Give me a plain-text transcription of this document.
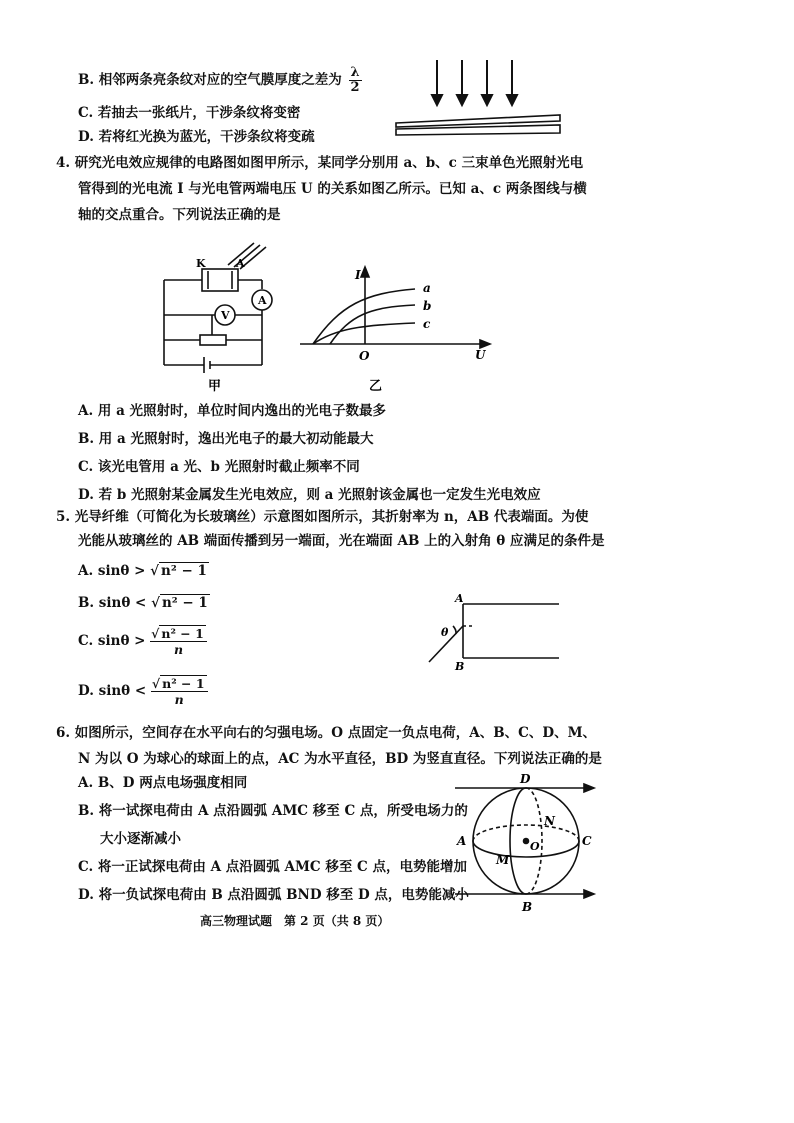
B. 相邻两条亮条纹对应的空气膜厚度之差为 $\frac{\lambda}{2}$
C. 若抽去一张纸片，干涉条纹将变密
D. 若将红光换为蓝光，干涉条纹将变疏
4. 研究光电效应规律的电路图如图甲所示，某同学分别用 a、b、c 三束单色光照射光电
管得到的光电流 I 与光电管两端电压 U 的关系如图乙所示。已知 a、c 两条图线与横
轴的交点重合。下列说法正确的是
K	A
A
V
甲
I
O	U
a
b
c
乙
A. 用 a 光照射时，单位时间内逸出的光电子数最多
B. 用 a 光照射时，逸出光电子的最大初动能最大
C. 该光电管用 a 光、b 光照射时截止频率不同
D. 若 b 光照射某金属发生光电效应，则 a 光照射该金属也一定发生光电效应
5. 光导纤维（可简化为长玻璃丝）示意图如图所示，其折射率为 n，AB 代表端面。为使
光能从玻璃丝的 AB 端面传播到另一端面，光在端面 AB 上的入射角 θ 应满足的条件是
A. sinθ > √ n² − 1
B. sinθ < √ n² − 1
C. $\sin\theta > \frac{\text{√ n² − 1}}{n}$
D. $\sin\theta < \frac{\text{√ n² − 1}}{n}$
A
B
θ
6. 如图所示，空间存在水平向右的匀强电场。O 点固定一负点电荷，A、B、C、D、M、
N 为以 O 为球心的球面上的点，AC 为水平直径，BD 为竖直直径。下列说法正确的是
A. B、D 两点电场强度相同
B. 将一试探电荷由 A 点沿圆弧 AMC 移至 C 点，所受电场力的
大小逐渐减小
C. 将一正试探电荷由 A 点沿圆弧 AMC 移至 C 点，电势能增加
D. 将一负试探电荷由 B 点沿圆弧 BND 移至 D 点，电势能减小
D
A	C
B
M
N
O
高三物理试题　第 2 页（共 8 页）
